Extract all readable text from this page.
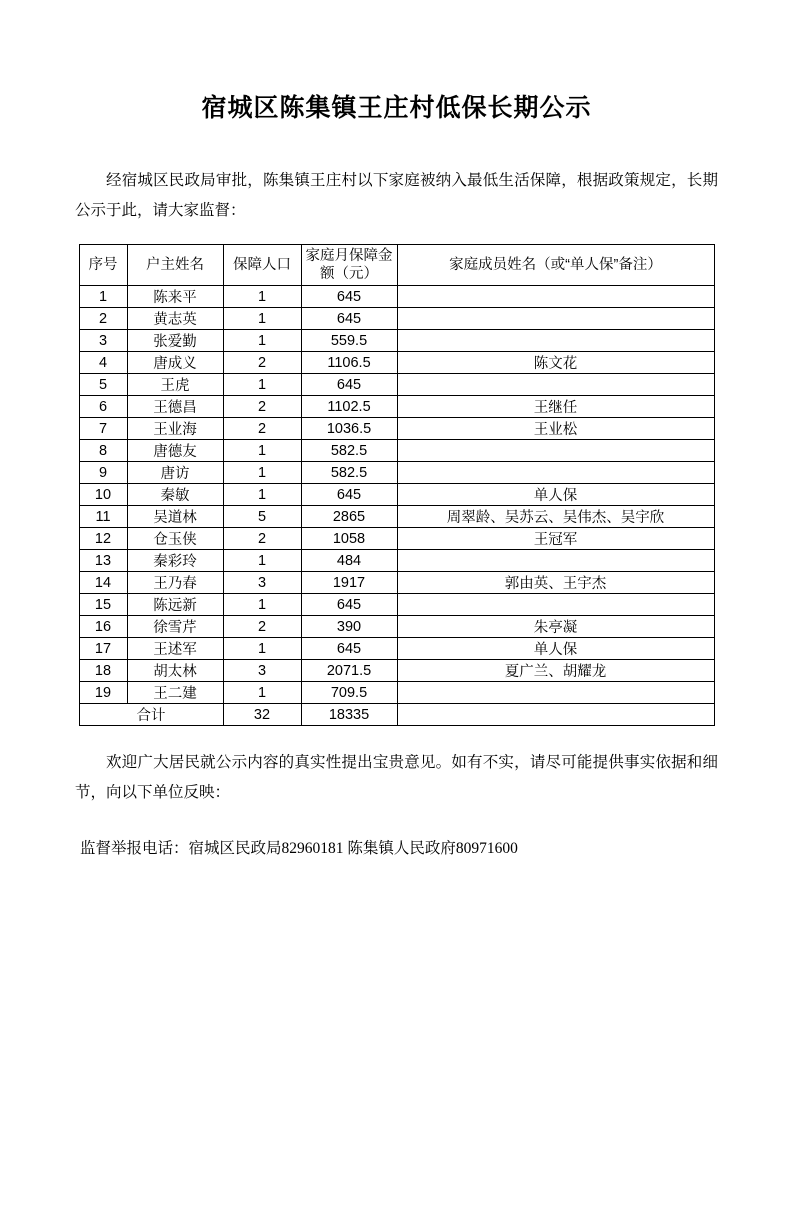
宿城区陈集镇王庄村低保长期公示
经宿城区民政局审批，陈集镇王庄村以下家庭被纳入最低生活保障，根据政策规定，长期公示于此，请大家监督：
序号	户主姓名	保障人口	家庭月保障金额（元）	家庭成员姓名（或“单人保”备注）
1	陈来平	1	645	
2	黄志英	1	645	
3	张爱勤	1	559.5	
4	唐成义	2	1106.5	陈文花
5	王虎	1	645	
6	王德昌	2	1102.5	王继任
7	王业海	2	1036.5	王业松
8	唐德友	1	582.5	
9	唐访	1	582.5	
10	秦敏	1	645	单人保
11	吴道林	5	2865	周翠龄、吴苏云、吴伟杰、吴宇欣
12	仓玉侠	2	1058	王冠军
13	秦彩玲	1	484	
14	王乃春	3	1917	郭由英、王宇杰
15	陈远新	1	645	
16	徐雪芹	2	390	朱亭凝
17	王述军	1	645	单人保
18	胡太林	3	2071.5	夏广兰、胡耀龙
19	王二建	1	709.5	
合计		32	18335	
欢迎广大居民就公示内容的真实性提出宝贵意见。如有不实，请尽可能提供事实依据和细节，向以下单位反映：
监督举报电话：宿城区民政局82960181 陈集镇人民政府80971600
